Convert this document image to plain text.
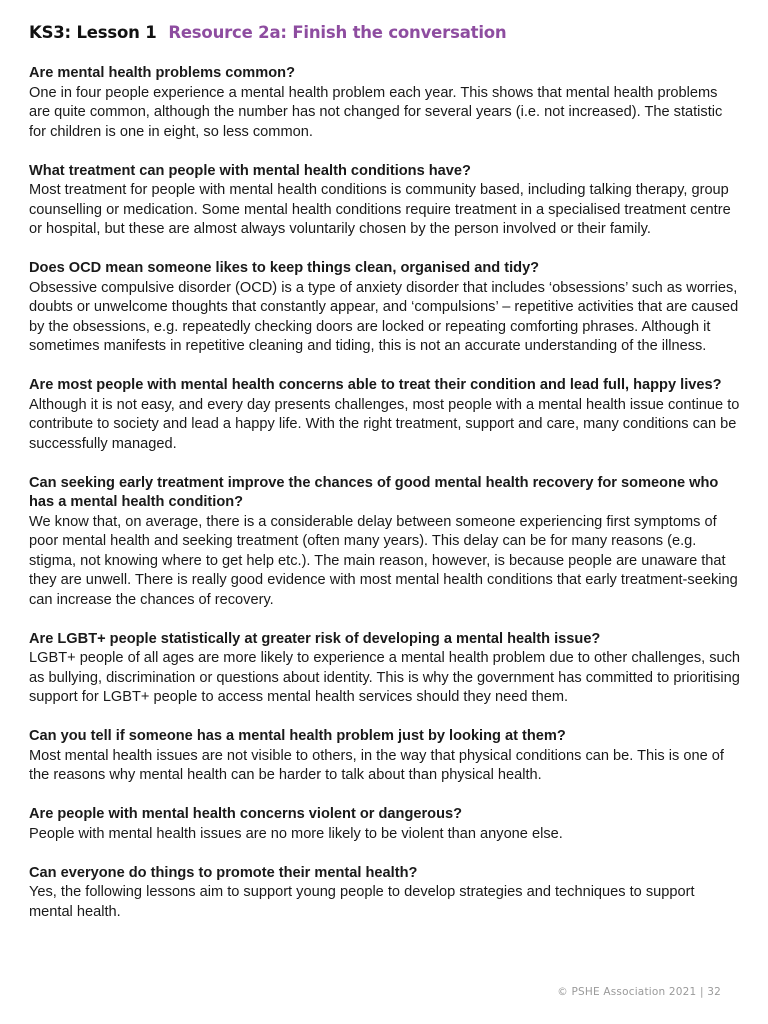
KS3: Lesson 1 Resource 2a: Finish the conversation

Are mental health problems common?

One in four people experience a mental health problem each year. This shows that mental health problems are quite common, although the number has not changed for several years (i.e. not increased). The statistic for children is one in eight, so less common.

What treatment can people with mental health conditions have?

Most treatment for people with mental health conditions is community based, including talking therapy, group counselling or medication. Some mental health conditions require treatment in a specialised treatment centre or hospital, but these are almost always voluntarily chosen by the person involved or their family.

Does OCD mean someone likes to keep things clean, organised and tidy?

Obsessive compulsive disorder (OCD) is a type of anxiety disorder that includes ‘obsessions’ such as worries, doubts or unwelcome thoughts that constantly appear, and ‘compulsions’ – repetitive activities that are caused by the obsessions, e.g. repeatedly checking doors are locked or repeating comforting phrases. Although it sometimes manifests in repetitive cleaning and tiding, this is not an accurate understanding of the illness.

Are most people with mental health concerns able to treat their condition and lead full, happy lives?

Although it is not easy, and every day presents challenges, most people with a mental health issue continue to contribute to society and lead a happy life. With the right treatment, support and care, many conditions can be successfully managed.

Can seeking early treatment improve the chances of good mental health recovery for someone who has a mental health condition?

We know that, on average, there is a considerable delay between someone experiencing first symptoms of poor mental health and seeking treatment (often many years). This delay can be for many reasons (e.g. stigma, not knowing where to get help etc.). The main reason, however, is because people are unaware that they are unwell. There is really good evidence with most mental health conditions that early treatment-seeking can increase the chances of recovery.

Are LGBT+ people statistically at greater risk of developing a mental health issue?

LGBT+ people of all ages are more likely to experience a mental health problem due to other challenges, such as bullying, discrimination or questions about identity. This is why the government has committed to prioritising support for LGBT+ people to access mental health services should they need them.

Can you tell if someone has a mental health problem just by looking at them?

Most mental health issues are not visible to others, in the way that physical conditions can be. This is one of the reasons why mental health can be harder to talk about than physical health.

Are people with mental health concerns violent or dangerous?

People with mental health issues are no more likely to be violent than anyone else.

Can everyone do things to promote their mental health?

Yes, the following lessons aim to support young people to develop strategies and techniques to support mental health.

© PSHE Association 2021 | 32
